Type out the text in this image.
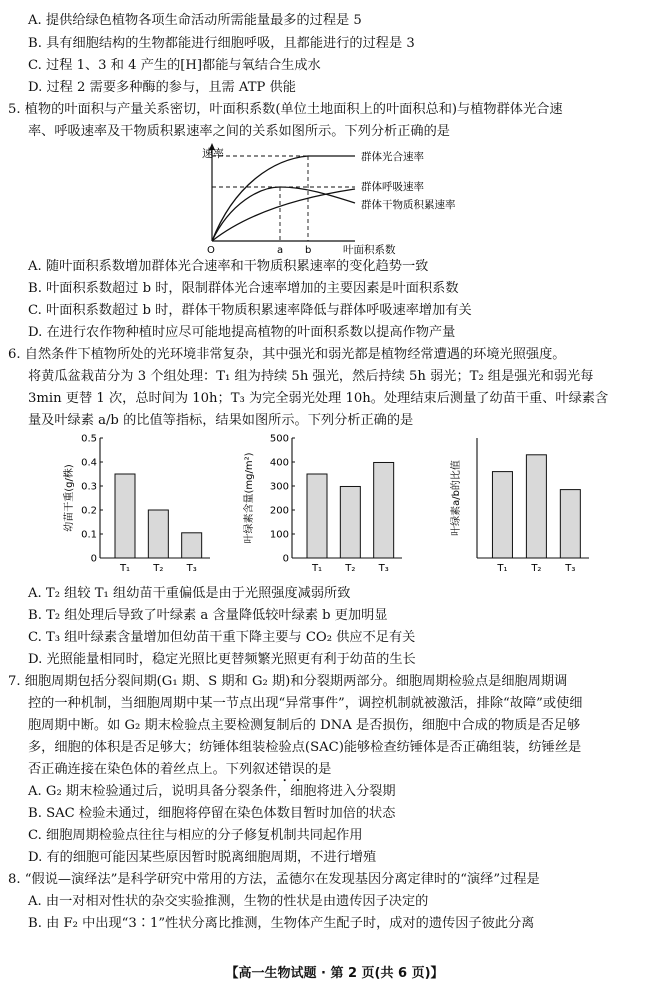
A. 提供给绿色植物各项生命活动所需能量最多的过程是 5
B. 具有细胞结构的生物都能进行细胞呼吸，且都能进行的过程是 3
C. 过程 1、3 和 4 产生的[H]都能与氧结合生成水
D. 过程 2 需要多种酶的参与，且需 ATP 供能
5. 植物的叶面积与产量关系密切，叶面积系数(单位土地面积上的叶面积总和)与植物群体光合速
率、呼吸速率及干物质积累速率之间的关系如图所示。下列分析正确的是
速率	群体光合速率
群体呼吸速率
群体干物质积累速率
O	a b	叶面积系数
A. 随叶面积系数增加群体光合速率和干物质积累速率的变化趋势一致
B. 叶面积系数超过 b 时，限制群体光合速率增加的主要因素是叶面积系数
C. 叶面积系数超过 b 时，群体干物质积累速率降低与群体呼吸速率增加有关
D. 在进行农作物种植时应尽可能地提高植物的叶面积系数以提高作物产量
6. 自然条件下植物所处的光环境非常复杂，其中强光和弱光都是植物经常遭遇的环境光照强度。
将黄瓜盆栽苗分为 3 个组处理：T₁ 组为持续 5h 强光，然后持续 5h 弱光；T₂ 组是强光和弱光每
3min 更替 1 次，总时间为 10h；T₃ 为完全弱光处理 10h。处理结束后测量了幼苗干重、叶绿素含
量及叶绿素 a/b 的比值等指标，结果如图所示。下列分析正确的是
0
0.1
0.2
0.3
0.4
0.5
幼苗干重(g/株)
T₁ T₂ T₃
0
100
200
300
400
500
叶绿素含量(mg/m²)
T₁ T₂ T₃
叶绿素a/b的比值
T₁ T₂ T₃
A. T₂ 组较 T₁ 组幼苗干重偏低是由于光照强度减弱所致
B. T₂ 组处理后导致了叶绿素 a 含量降低较叶绿素 b 更加明显
C. T₃ 组叶绿素含量增加但幼苗干重下降主要与 CO₂ 供应不足有关
D. 光照能量相同时，稳定光照比更替频繁光照更有利于幼苗的生长
7. 细胞周期包括分裂间期(G₁ 期、S 期和 G₂ 期)和分裂期两部分。细胞周期检验点是细胞周期调
控的一种机制，当细胞周期中某一节点出现“异常事件”，调控机制就被激活，排除“故障”或使细
胞周期中断。如 G₂ 期末检验点主要检测复制后的 DNA 是否损伤，细胞中合成的物质是否足够
多，细胞的体积是否足够大；纺锤体组装检验点(SAC)能够检查纺锤体是否正确组装，纺锤丝是
否正确连接在染色体的着丝点上。下列叙述错误的是
A. G₂ 期末检验通过后，说明具备分裂条件，细胞将进入分裂期
B. SAC 检验未通过，细胞将停留在染色体数目暂时加倍的状态
C. 细胞周期检验点往往与相应的分子修复机制共同起作用
D. 有的细胞可能因某些原因暂时脱离细胞周期，不进行增殖
8. “假说—演绎法”是科学研究中常用的方法，孟德尔在发现基因分离定律时的“演绎”过程是
A. 由一对相对性状的杂交实验推测，生物的性状是由遗传因子决定的
B. 由 F₂ 中出现“3∶1”性状分离比推测，生物体产生配子时，成对的遗传因子彼此分离
【高一生物试题 · 第 2 页(共 6 页)】
